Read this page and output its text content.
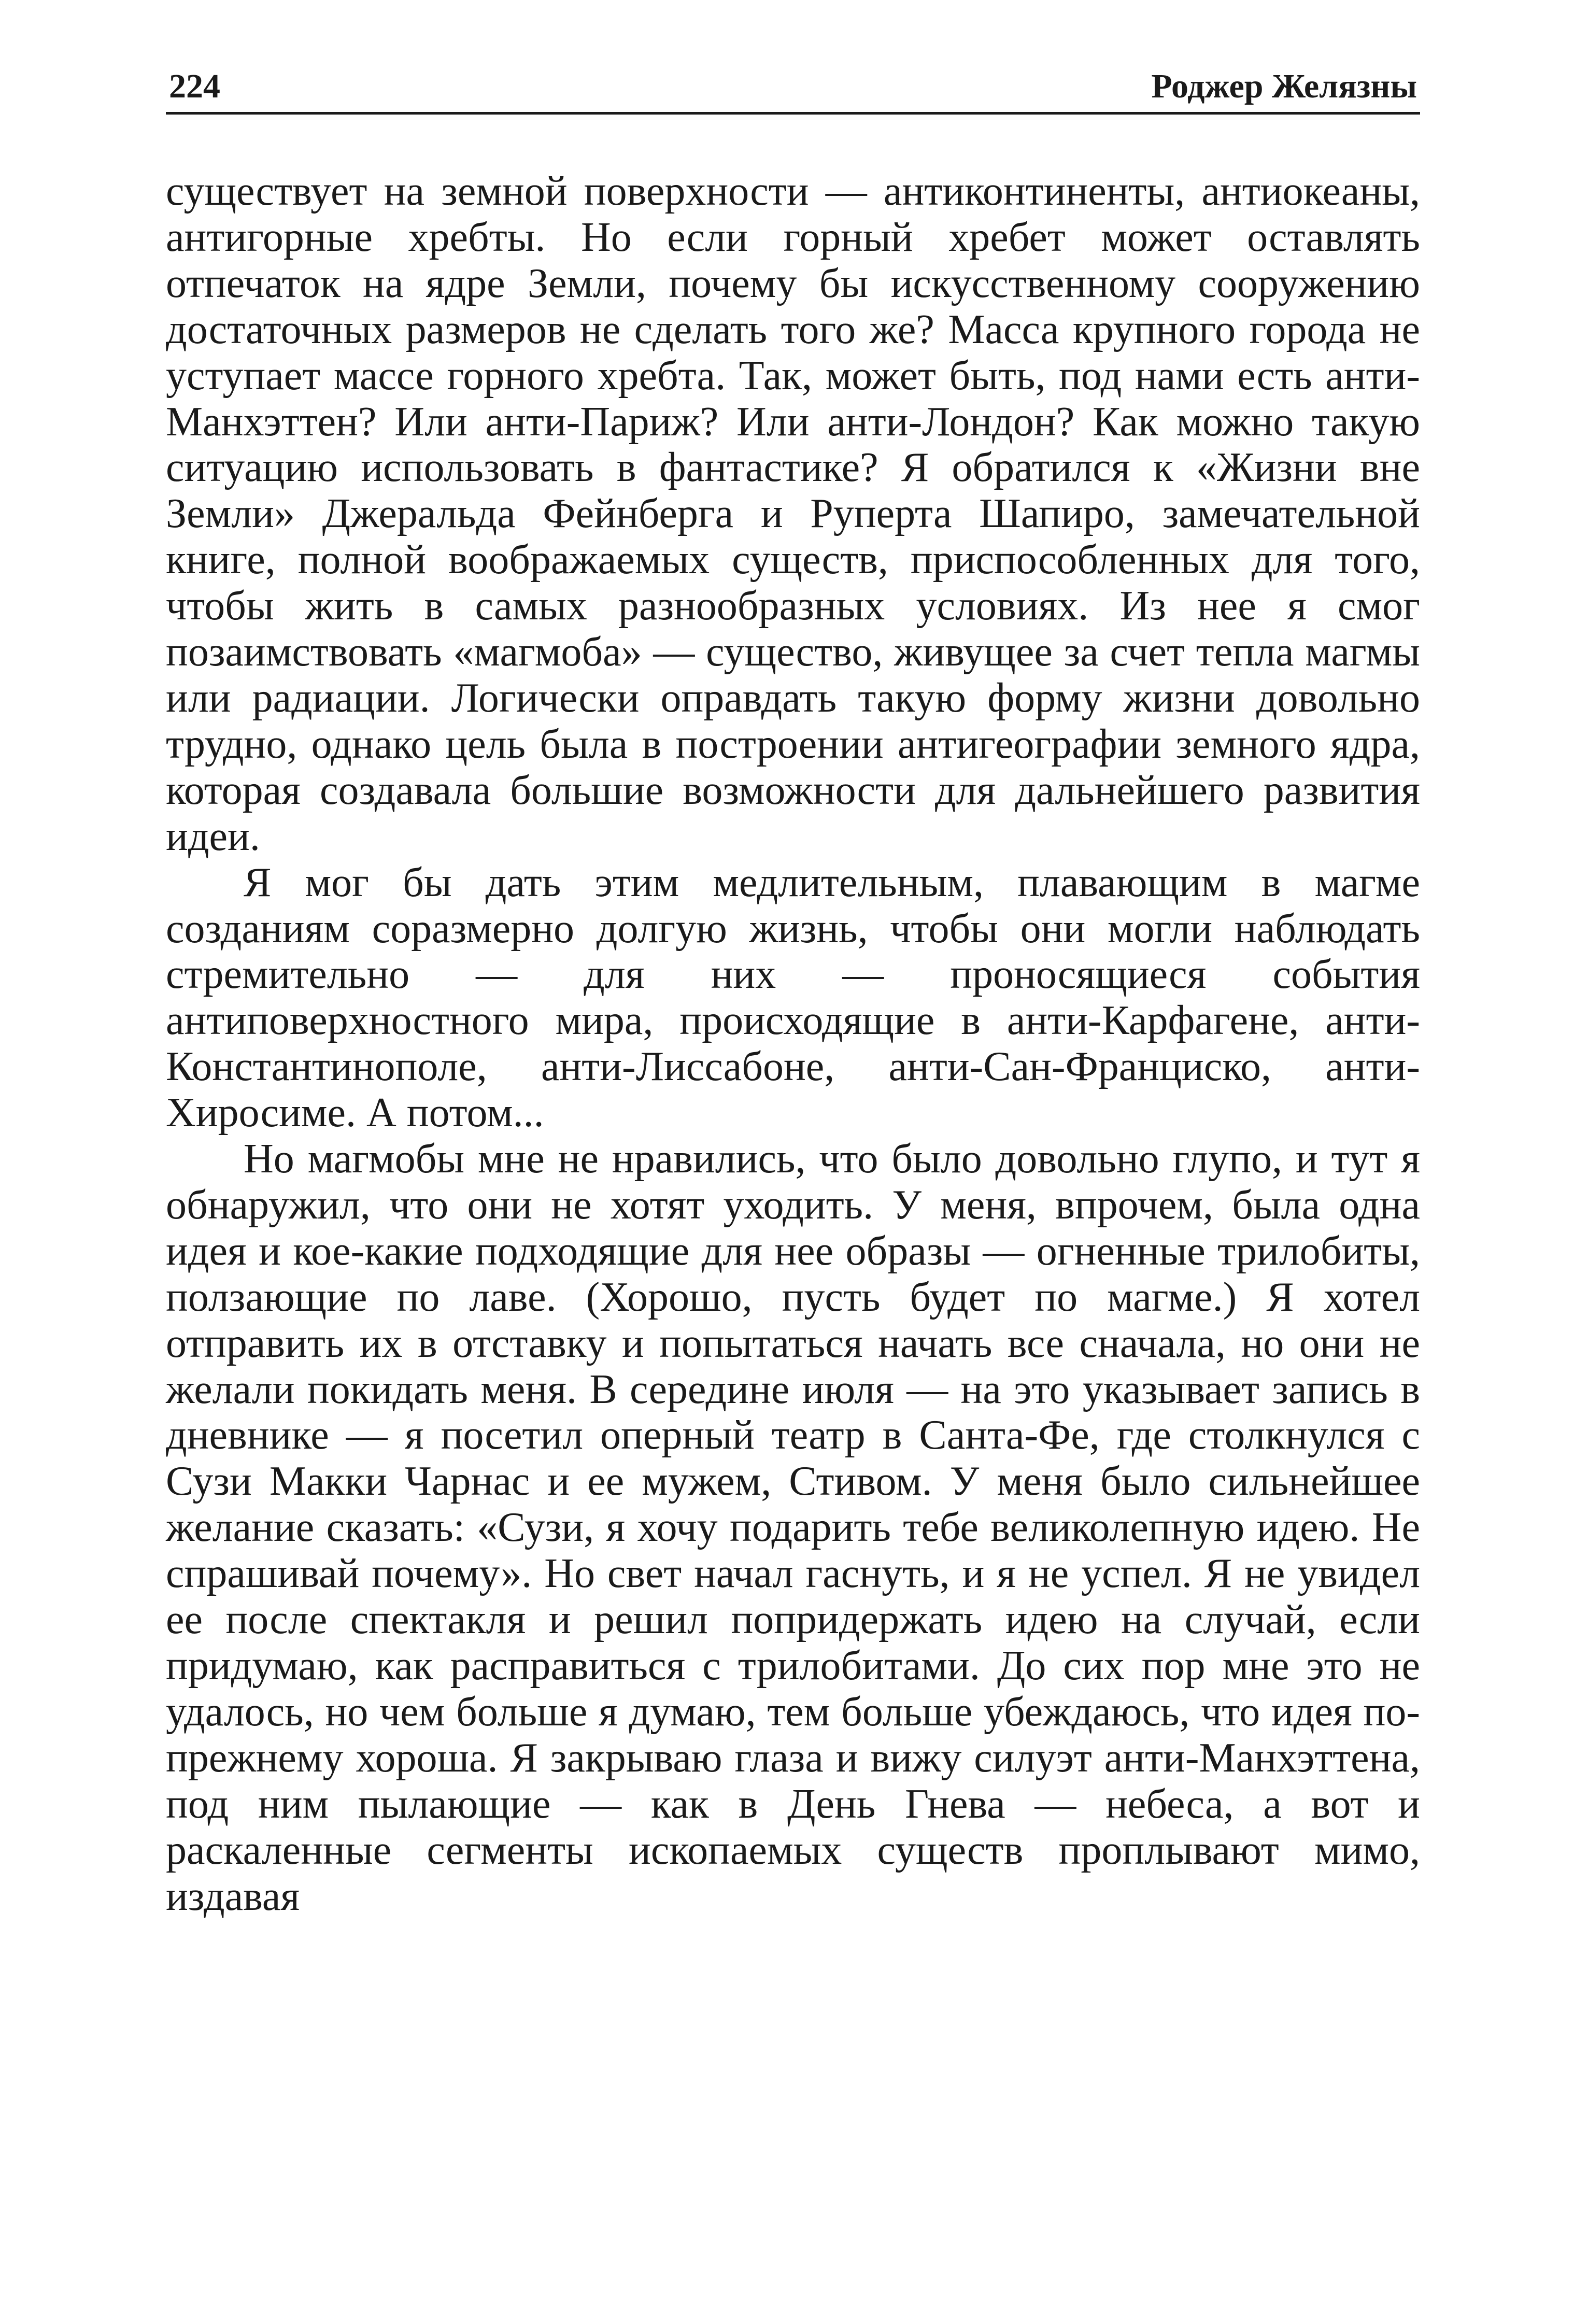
224	Роджер Желязны

существует на земной поверхности — антиконтиненты, антиокеаны, антигорные хребты. Но если горный хребет может оставлять отпечаток на ядре Земли, почему бы искусственному сооружению достаточных размеров не сделать того же? Масса крупного города не уступает массе горного хребта. Так, может быть, под нами есть анти-Манхэттен? Или анти-Париж? Или анти-Лондон? Как можно такую ситуацию использовать в фантастике? Я обратился к «Жизни вне Земли» Джеральда Фейнберга и Руперта Шапиро, замечательной книге, полной воображаемых существ, приспособленных для того, чтобы жить в самых разнообразных условиях. Из нее я смог позаимствовать «магмоба» — существо, живущее за счет тепла магмы или радиации. Логически оправдать такую форму жизни довольно трудно, однако цель была в построении антигеографии земного ядра, которая создавала большие возможности для дальнейшего развития идеи.

Я мог бы дать этим медлительным, плавающим в магме созданиям соразмерно долгую жизнь, чтобы они могли наблюдать стремительно — для них — проносящиеся события антиповерхностного мира, происходящие в анти-Карфагене, анти-Константинополе, анти-Лиссабоне, анти-Сан-Франциско, анти-Хиросиме. А потом...

Но магмобы мне не нравились, что было довольно глупо, и тут я обнаружил, что они не хотят уходить. У меня, впрочем, была одна идея и кое-какие подходящие для нее образы — огненные трилобиты, ползающие по лаве. (Хорошо, пусть будет по магме.) Я хотел отправить их в отставку и попытаться начать все сначала, но они не желали покидать меня. В середине июля — на это указывает запись в дневнике — я посетил оперный театр в Санта-Фе, где столкнулся с Сузи Макки Чарнас и ее мужем, Стивом. У меня было сильнейшее желание сказать: «Сузи, я хочу подарить тебе великолепную идею. Не спрашивай почему». Но свет начал гаснуть, и я не успел. Я не увидел ее после спектакля и решил попридержать идею на случай, если придумаю, как расправиться с трилобитами. До сих пор мне это не удалось, но чем больше я думаю, тем больше убеждаюсь, что идея по-прежнему хороша. Я закрываю глаза и вижу силуэт анти-Манхэттена, под ним пылающие — как в День Гнева — небеса, а вот и раскаленные сегменты ископаемых существ проплывают мимо, издавая
